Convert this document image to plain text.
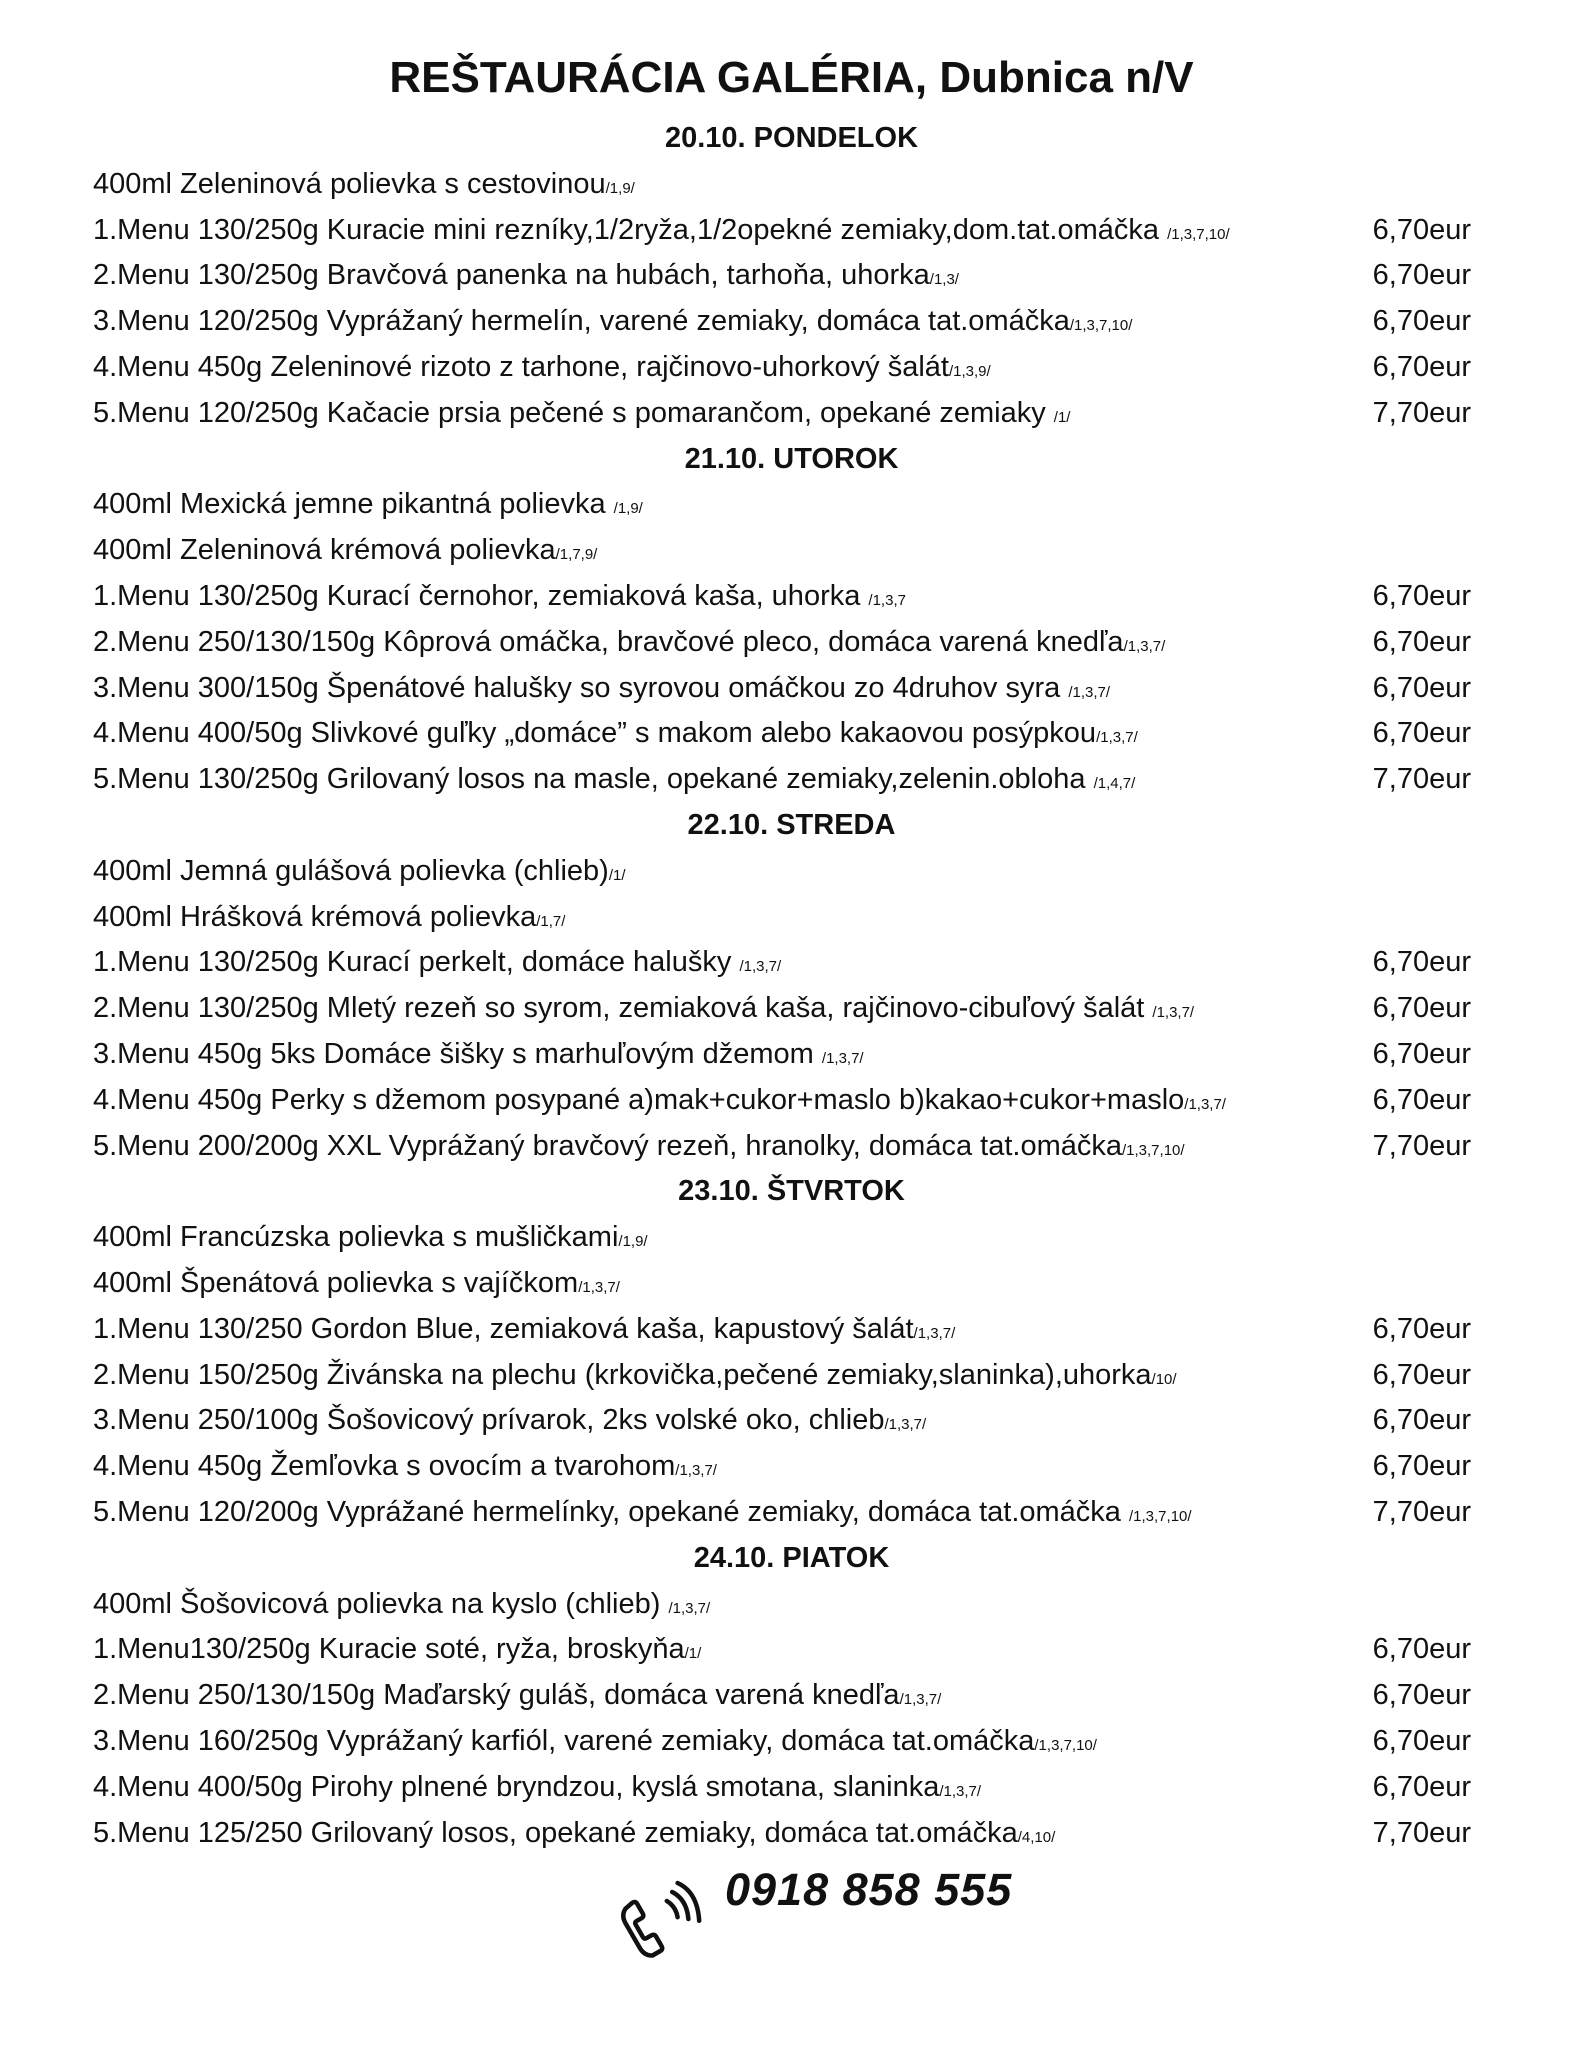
REŠTAURÁCIA GALÉRIA, Dubnica n/V
20.10. PONDELOK
400ml Zeleninová polievka s cestovinou/1,9/
1.Menu 130/250g Kuracie mini rezníky,1/2ryža,1/2opekné zemiaky,dom.tat.omáčka /1,3,7,10/	6,70eur
2.Menu 130/250g Bravčová panenka na hubách, tarhoňa, uhorka/1,3/	6,70eur
3.Menu 120/250g Vyprážaný hermelín, varené zemiaky, domáca tat.omáčka/1,3,7,10/	6,70eur
4.Menu 450g Zeleninové rizoto z tarhone, rajčinovo-uhorkový šalát/1,3,9/	6,70eur
5.Menu 120/250g Kačacie prsia pečené s pomarančom, opekané zemiaky /1/	7,70eur
21.10. UTOROK
400ml Mexická jemne pikantná polievka /1,9/
400ml Zeleninová krémová polievka/1,7,9/
1.Menu 130/250g Kurací černohor, zemiaková kaša, uhorka /1,3,7	6,70eur
2.Menu 250/130/150g Kôprová omáčka, bravčové pleco, domáca varená knedľa/1,3,7/	6,70eur
3.Menu 300/150g Špenátové halušky so syrovou omáčkou zo 4druhov syra /1,3,7/	6,70eur
4.Menu 400/50g Slivkové guľky „domáce” s makom alebo kakaovou posýpkou/1,3,7/	6,70eur
5.Menu 130/250g Grilovaný losos na masle, opekané zemiaky,zelenin.obloha /1,4,7/	7,70eur
22.10. STREDA
400ml Jemná gulášová polievka (chlieb)/1/
400ml Hrášková krémová polievka/1,7/
1.Menu 130/250g Kurací perkelt, domáce halušky /1,3,7/	6,70eur
2.Menu 130/250g Mletý rezeň so syrom, zemiaková kaša, rajčinovo-cibuľový šalát /1,3,7/	6,70eur
3.Menu 450g 5ks Domáce šišky s marhuľovým džemom /1,3,7/	6,70eur
4.Menu 450g Perky s džemom posypané a)mak+cukor+maslo b)kakao+cukor+maslo/1,3,7/	6,70eur
5.Menu 200/200g XXL Vyprážaný bravčový rezeň, hranolky, domáca tat.omáčka/1,3,7,10/	7,70eur
23.10. ŠTVRTOK
400ml Francúzska polievka s mušličkami/1,9/
400ml Špenátová polievka s vajíčkom/1,3,7/
1.Menu 130/250 Gordon Blue, zemiaková kaša, kapustový šalát/1,3,7/	6,70eur
2.Menu 150/250g Živánska na plechu (krkovička,pečené zemiaky,slaninka),uhorka/10/	6,70eur
3.Menu 250/100g Šošovicový prívarok, 2ks volské oko, chlieb/1,3,7/	6,70eur
4.Menu 450g Žemľovka s ovocím a tvarohom/1,3,7/	6,70eur
5.Menu 120/200g Vyprážané hermelínky, opekané zemiaky, domáca tat.omáčka /1,3,7,10/	7,70eur
24.10. PIATOK
400ml Šošovicová polievka na kyslo (chlieb) /1,3,7/
1.Menu130/250g Kuracie soté, ryža, broskyňa/1/	6,70eur
2.Menu 250/130/150g Maďarský guláš, domáca varená knedľa/1,3,7/	6,70eur
3.Menu 160/250g Vyprážaný karfiól, varené zemiaky, domáca tat.omáčka/1,3,7,10/	6,70eur
4.Menu 400/50g Pirohy plnené bryndzou, kyslá smotana, slaninka/1,3,7/	6,70eur
5.Menu 125/250 Grilovaný losos, opekané zemiaky, domáca tat.omáčka/4,10/	7,70eur
0918 858 555
